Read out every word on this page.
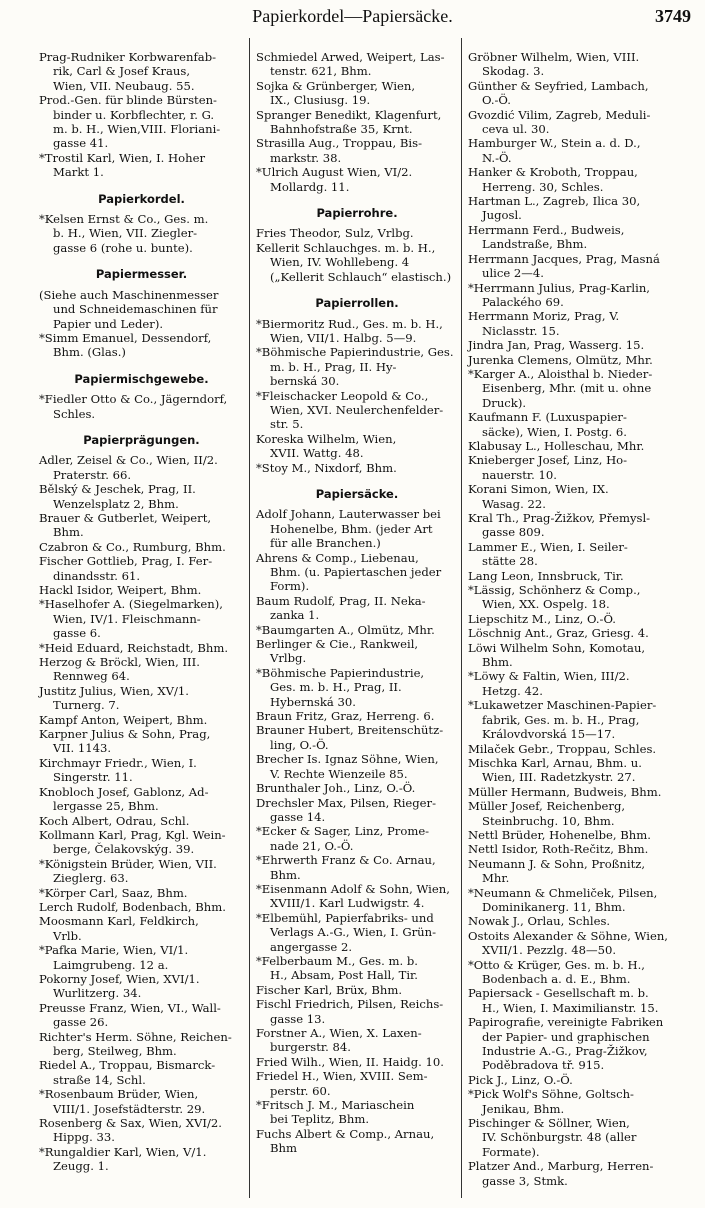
Papierkordel—Papiersäcke.	3749
Prag-Rudniker Korbwarenfab-
rik, Carl & Josef Kraus,
Wien, VII. Neubaug. 55.
Prod.-Gen. für blinde Bürsten-
binder u. Korbflechter, r. G.
m. b. H., Wien,VIII. Floriani-
gasse 41.
*Trostil Karl, Wien, I. Hoher
Markt 1.
Papierkordel.
*Kelsen Ernst & Co., Ges. m.
b. H., Wien, VII. Ziegler-
gasse 6 (rohe u. bunte).
Papiermesser.
(Siehe auch Maschinenmesser
und Schneidemaschinen für
Papier und Leder).
*Simm Emanuel, Dessendorf,
Bhm. (Glas.)
Papiermischgewebe.
*Fiedler Otto & Co., Jägerndorf,
Schles.
Papierprägungen.
Adler, Zeisel & Co., Wien, II/2.
Praterstr. 66.
Bělský & Jeschek, Prag, II.
Wenzelsplatz 2, Bhm.
Brauer & Gutberlet, Weipert,
Bhm.
Czabron & Co., Rumburg, Bhm.
Fischer Gottlieb, Prag, I. Fer-
dinandsstr. 61.
Hackl Isidor, Weipert, Bhm.
*Haselhofer A. (Siegelmarken),
Wien, IV/1. Fleischmann-
gasse 6.
*Heid Eduard, Reichstadt, Bhm.
Herzog & Bröckl, Wien, III.
Rennweg 64.
Justitz Julius, Wien, XV/1.
Turnerg. 7.
Kampf Anton, Weipert, Bhm.
Karpner Julius & Sohn, Prag,
VII. 1143.
Kirchmayr Friedr., Wien, I.
Singerstr. 11.
Knobloch Josef, Gablonz, Ad-
lergasse 25, Bhm.
Koch Albert, Odrau, Schl.
Kollmann Karl, Prag, Kgl. Wein-
berge, Čelakovskýg. 39.
*Königstein Brüder, Wien, VII.
Zieglerg. 63.
*Körper Carl, Saaz, Bhm.
Lerch Rudolf, Bodenbach, Bhm.
Moosmann Karl, Feldkirch,
Vrlb.
*Pafka Marie, Wien, VI/1.
Laimgrubeng. 12 a.
Pokorny Josef, Wien, XVI/1.
Wurlitzerg. 34.
Preusse Franz, Wien, VI., Wall-
gasse 26.
Richter's Herm. Söhne, Reichen-
berg, Steilweg, Bhm.
Riedel A., Troppau, Bismarck-
straße 14, Schl.
*Rosenbaum Brüder, Wien,
VIII/1. Josefstädterstr. 29.
Rosenberg & Sax, Wien, XVI/2.
Hippg. 33.
*Rungaldier Karl, Wien, V/1.
Zeugg. 1.
Schmiedel Arwed, Weipert, Las-
tenstr. 621, Bhm.
Sojka & Grünberger, Wien,
IX., Clusiusg. 19.
Spranger Benedikt, Klagenfurt,
Bahnhofstraße 35, Krnt.
Strasilla Aug., Troppau, Bis-
markstr. 38.
*Ulrich August Wien, VI/2.
Mollardg. 11.
Papierrohre.
Fries Theodor, Sulz, Vrlbg.
Kellerit Schlauchges. m. b. H.,
Wien, IV. Wohllebeng. 4
(„Kellerit Schlauch“ elastisch.)
Papierrollen.
*Biermoritz Rud., Ges. m. b. H.,
Wien, VII/1. Halbg. 5—9.
*Böhmische Papierindustrie, Ges.
m. b. H., Prag, II. Hy-
bernská 30.
*Fleischacker Leopold & Co.,
Wien, XVI. Neulerchenfelder-
str. 5.
Koreska Wilhelm, Wien,
XVII. Wattg. 48.
*Stoy M., Nixdorf, Bhm.
Papiersäcke.
Adolf Johann, Lauterwasser bei
Hohenelbe, Bhm. (jeder Art
für alle Branchen.)
Ahrens & Comp., Liebenau,
Bhm. (u. Papiertaschen jeder
Form).
Baum Rudolf, Prag, II. Neka-
zanka 1.
*Baumgarten A., Olmütz, Mhr.
Berlinger & Cie., Rankweil,
Vrlbg.
*Böhmische Papierindustrie,
Ges. m. b. H., Prag, II.
Hybernská 30.
Braun Fritz, Graz, Herreng. 6.
Brauner Hubert, Breitenschütz-
ling, O.-Ö.
Brecher Is. Ignaz Söhne, Wien,
V. Rechte Wienzeile 85.
Brunthaler Joh., Linz, O.-Ö.
Drechsler Max, Pilsen, Rieger-
gasse 14.
*Ecker & Sager, Linz, Prome-
nade 21, O.-Ö.
*Ehrwerth Franz & Co. Arnau,
Bhm.
*Eisenmann Adolf & Sohn, Wien,
XVIII/1. Karl Ludwigstr. 4.
*Elbemühl, Papierfabriks- und
Verlags A.-G., Wien, I. Grün-
angergasse 2.
*Felberbaum M., Ges. m. b.
H., Absam, Post Hall, Tir.
Fischer Karl, Brüx, Bhm.
Fischl Friedrich, Pilsen, Reichs-
gasse 13.
Forstner A., Wien, X. Laxen-
burgerstr. 84.
Fried Wilh., Wien, II. Haidg. 10.
Friedel H., Wien, XVIII. Sem-
perstr. 60.
*Fritsch J. M., Mariaschein
bei Teplitz, Bhm.
Fuchs Albert & Comp., Arnau,
Bhm
Gröbner Wilhelm, Wien, VIII.
Skodag. 3.
Günther & Seyfried, Lambach,
O.-Ö.
Gvozdić Vilim, Zagreb, Meduli-
ceva ul. 30.
Hamburger W., Stein a. d. D.,
N.-Ö.
Hanker & Kroboth, Troppau,
Herreng. 30, Schles.
Hartman L., Zagreb, Ilica 30,
Jugosl.
Herrmann Ferd., Budweis,
Landstraße, Bhm.
Herrmann Jacques, Prag, Masná
ulice 2—4.
*Herrmann Julius, Prag-Karlin,
Palackého 69.
Herrmann Moriz, Prag, V.
Niclasstr. 15.
Jindra Jan, Prag, Wasserg. 15.
Jurenka Clemens, Olmütz, Mhr.
*Karger A., Aloisthal b. Nieder-
Eisenberg, Mhr. (mit u. ohne
Druck).
Kaufmann F. (Luxuspapier-
säcke), Wien, I. Postg. 6.
Klabusay L., Holleschau, Mhr.
Knieberger Josef, Linz, Ho-
nauerstr. 10.
Korani Simon, Wien, IX.
Wasag. 22.
Kral Th., Prag-Žižkov, Přemysl-
gasse 809.
Lammer E., Wien, I. Seiler-
stätte 28.
Lang Leon, Innsbruck, Tir.
*Lässig, Schönherz & Comp.,
Wien, XX. Ospelg. 18.
Liepschitz M., Linz, O.-Ö.
Löschnig Ant., Graz, Griesg. 4.
Löwi Wilhelm Sohn, Komotau,
Bhm.
*Löwy & Faltin, Wien, III/2.
Hetzg. 42.
*Lukawetzer Maschinen-Papier-
fabrik, Ges. m. b. H., Prag,
Královdvorská 15—17.
Milaček Gebr., Troppau, Schles.
Mischka Karl, Arnau, Bhm. u.
Wien, III. Radetzkystr. 27.
Müller Hermann, Budweis, Bhm.
Müller Josef, Reichenberg,
Steinbruchg. 10, Bhm.
Nettl Brüder, Hohenelbe, Bhm.
Nettl Isidor, Roth-Rečitz, Bhm.
Neumann J. & Sohn, Proßnitz,
Mhr.
*Neumann & Chmeliček, Pilsen,
Dominikanerg. 11, Bhm.
Nowak J., Orlau, Schles.
Ostoits Alexander & Söhne, Wien,
XVII/1. Pezzlg. 48—50.
*Otto & Krüger, Ges. m. b. H.,
Bodenbach a. d. E., Bhm.
Papiersack - Gesellschaft m. b.
H., Wien, I. Maximilianstr. 15.
Papirografie, vereinigte Fabriken
der Papier- und graphischen
Industrie A.-G., Prag-Žižkov,
Poděbradova tř. 915.
Pick J., Linz, O.-Ö.
*Pick Wolf's Söhne, Goltsch-
Jenikau, Bhm.
Pischinger & Söllner, Wien,
IV. Schönburgstr. 48 (aller
Formate).
Platzer And., Marburg, Herren-
gasse 3, Stmk.
